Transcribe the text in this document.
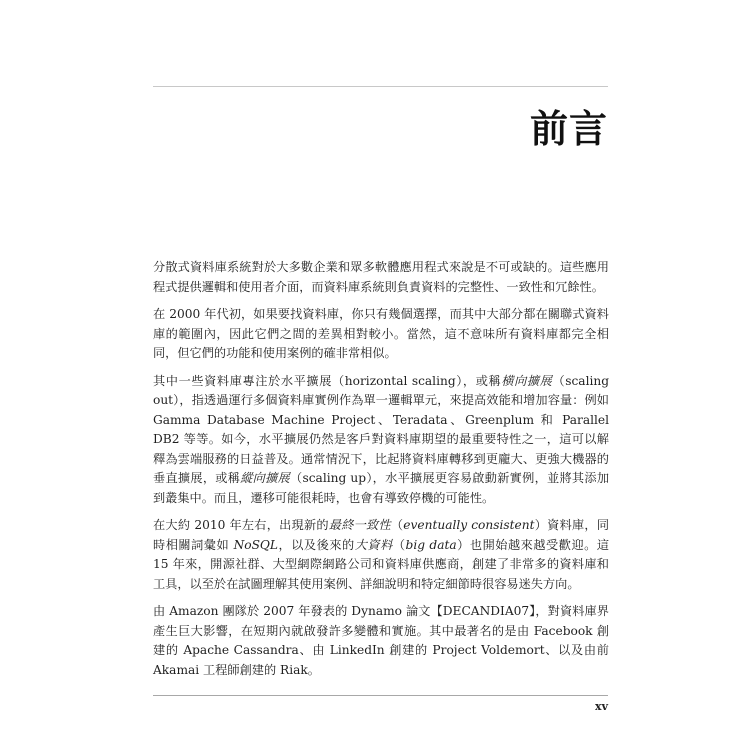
前言

分散式資料庫系統對於大多數企業和眾多軟體應用程式來說是不可或缺的。這些應用程式提供邏輯和使用者介面，而資料庫系統則負責資料的完整性、一致性和冗餘性。

在 2000 年代初，如果要找資料庫，你只有幾個選擇，而其中大部分都在關聯式資料庫的範圍內，因此它們之間的差異相對較小。當然，這不意味所有資料庫都完全相同，但它們的功能和使用案例的確非常相似。

其中一些資料庫專注於水平擴展（horizontal scaling），或稱横向擴展（scaling out），指透過運行多個資料庫實例作為單一邏輯單元，來提高效能和增加容量：例如 Gamma Database Machine Project、Teradata、Greenplum 和 Parallel DB2 等等。如今，水平擴展仍然是客戶對資料庫期望的最重要特性之一，這可以解釋為雲端服務的日益普及。通常情況下，比起將資料庫轉移到更龐大、更強大機器的垂直擴展，或稱縱向擴展（scaling up），水平擴展更容易啟動新實例，並將其添加到叢集中。而且，遷移可能很耗時，也會有導致停機的可能性。

在大約 2010 年左右，出現新的最終一致性（eventually consistent）資料庫，同時相關詞彙如 NoSQL，以及後來的大資料（big data）也開始越來越受歡迎。這 15 年來，開源社群、大型網際網路公司和資料庫供應商，創建了非常多的資料庫和工具，以至於在試圖理解其使用案例、詳細說明和特定細節時很容易迷失方向。

由 Amazon 團隊於 2007 年發表的 Dynamo 論文【DECANDIA07】，對資料庫界產生巨大影響，在短期內就啟發許多變體和實施。其中最著名的是由 Facebook 創建的 Apache Cassandra、由 LinkedIn 創建的 Project Voldemort、以及由前 Akamai 工程師創建的 Riak。

xv
